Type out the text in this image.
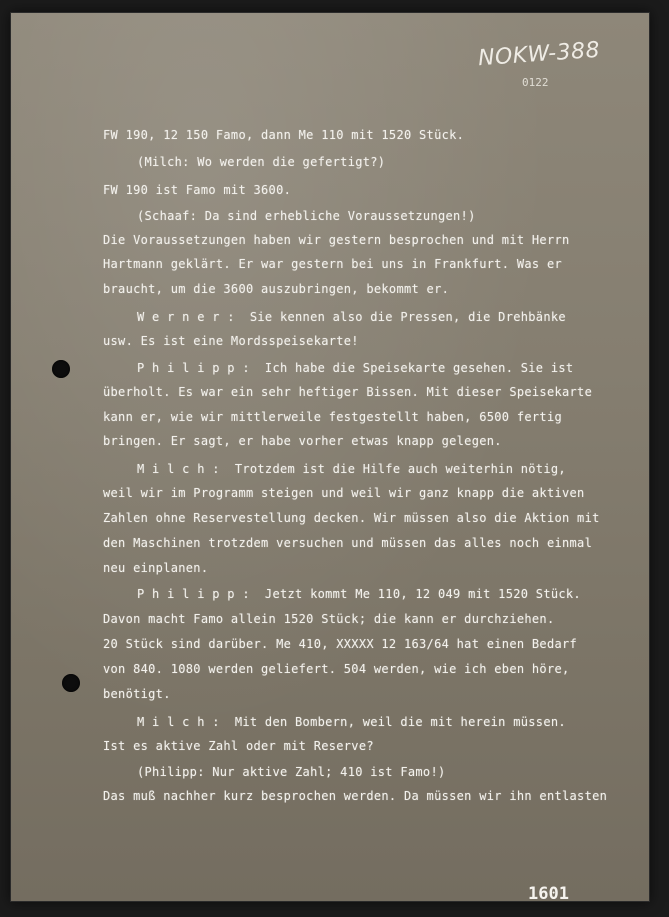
NOKW-388
0122
FW 190, 12 150 Famo, dann Me 110 mit 1520 Stück.
(Milch: Wo werden die gefertigt?)
FW 190 ist Famo mit 3600.
(Schaaf: Da sind erhebliche Voraussetzungen!)
Die Voraussetzungen haben wir gestern besprochen und mit Herrn
Hartmann geklärt. Er war gestern bei uns in Frankfurt. Was er
braucht, um die 3600 auszubringen, bekommt er.
W e r n e r :  Sie kennen also die Pressen, die Drehbänke
usw. Es ist eine Mordsspeisekarte!
P h i l i p p :  Ich habe die Speisekarte gesehen. Sie ist
überholt. Es war ein sehr heftiger Bissen. Mit dieser Speisekarte
kann er, wie wir mittlerweile festgestellt haben, 6500 fertig
bringen. Er sagt, er habe vorher etwas knapp gelegen.
M i l c h :  Trotzdem ist die Hilfe auch weiterhin nötig,
weil wir im Programm steigen und weil wir ganz knapp die aktiven
Zahlen ohne Reservestellung decken. Wir müssen also die Aktion mit
den Maschinen trotzdem versuchen und müssen das alles noch einmal
neu einplanen.
P h i l i p p :  Jetzt kommt Me 110, 12 049 mit 1520 Stück.
Davon macht Famo allein 1520 Stück; die kann er durchziehen.
20 Stück sind darüber. Me 410, XXXXX 12 163/64 hat einen Bedarf
von 840. 1080 werden geliefert. 504 werden, wie ich eben höre,
benötigt.
M i l c h :  Mit den Bombern, weil die mit herein müssen.
Ist es aktive Zahl oder mit Reserve?
(Philipp: Nur aktive Zahl; 410 ist Famo!)
Das muß nachher kurz besprochen werden. Da müssen wir ihn entlasten
1601
